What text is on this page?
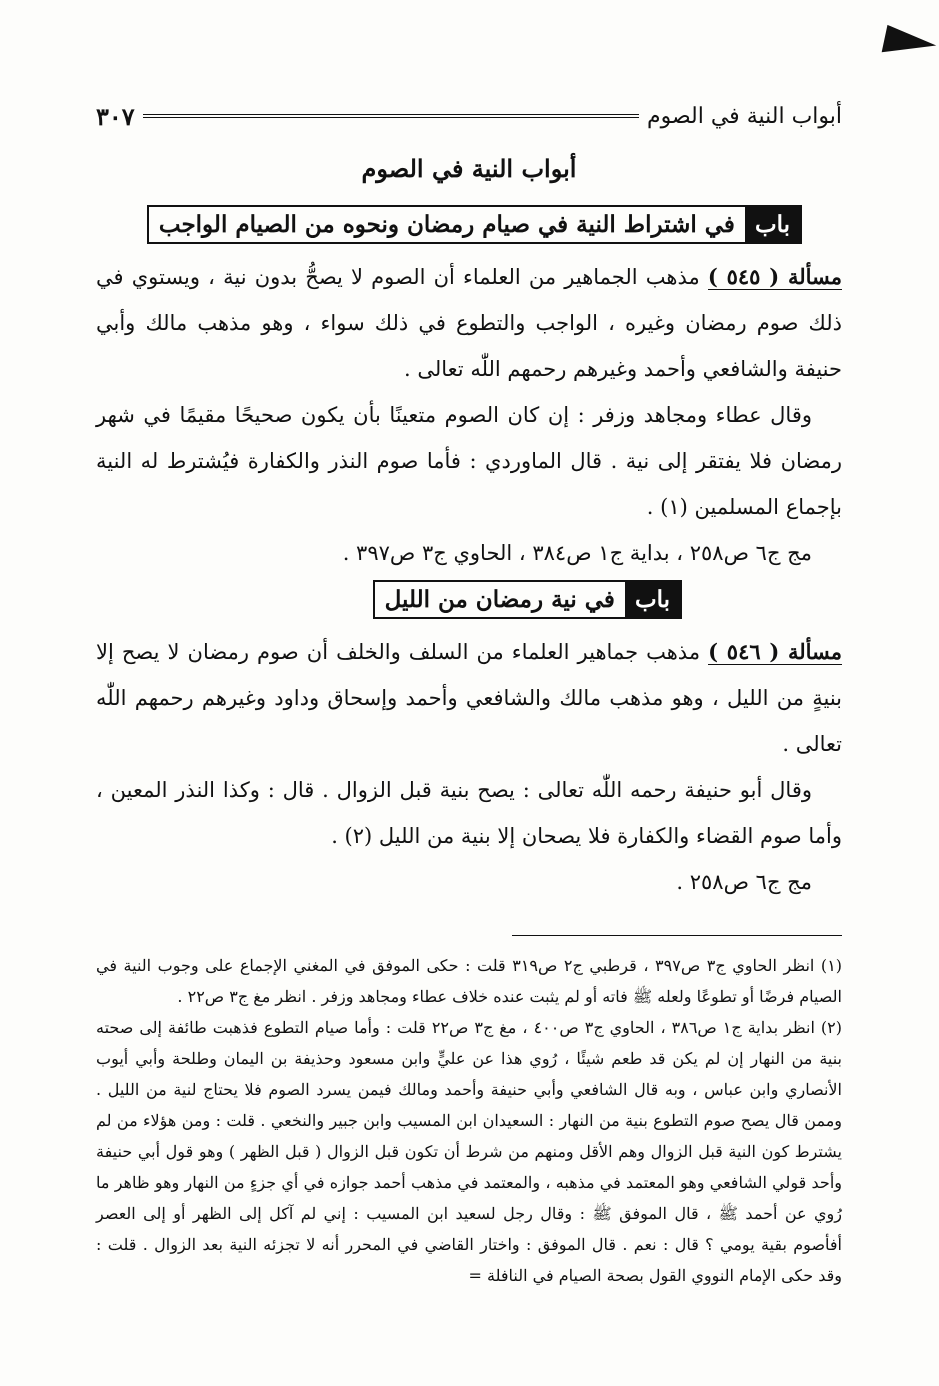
٣٠٧	أبواب النية في الصوم
أبواب النية في الصوم
باب
في اشتراط النية في صيام رمضان ونحوه من الصيام الواجب

مسألة ( ٥٤٥ ) مذهب الجماهير من العلماء أن الصوم لا يصحُّ بدون نية ، ويستوي في ذلك صوم رمضان وغيره ، الواجب والتطوع في ذلك سواء ، وهو مذهب مالك وأبي حنيفة والشافعي وأحمد وغيرهم رحمهم اللّٰه تعالى .

وقال عطاء ومجاهد وزفر : إن كان الصوم متعينًا بأن يكون صحيحًا مقيمًا في شهر رمضان فلا يفتقر إلى نية . قال الماوردي : فأما صوم النذر والكفارة فيُشترط له النية بإجماع المسلمين (١) .

مج ج٦ ص٢٥٨ ، بداية ج١ ص٣٨٤ ، الحاوي ج٣ ص٣٩٧ .

باب
في نية رمضان من الليل

مسألة ( ٥٤٦ ) مذهب جماهير العلماء من السلف والخلف أن صوم رمضان لا يصح إلا بنيةٍ من الليل ، وهو مذهب مالك والشافعي وأحمد وإسحاق وداود وغيرهم رحمهم اللّٰه تعالى .

وقال أبو حنيفة رحمه اللّٰه تعالى : يصح بنية قبل الزوال . قال : وكذا النذر المعين ، وأما صوم القضاء والكفارة فلا يصحان إلا بنية من الليل (٢) .

مج ج٦ ص٢٥٨ .

(١) انظر الحاوي ج٣ ص٣٩٧ ، قرطبي ج٢ ص٣١٩ قلت : حكى الموفق في المغني الإجماع على وجوب النية في الصيام فرضًا أو تطوعًا ولعله ﷺ فاته أو لم يثبت عنده خلاف عطاء ومجاهد وزفر . انظر مغ ج٣ ص٢٢ .

(٢) انظر بداية ج١ ص٣٨٦ ، الحاوي ج٣ ص٤٠٠ ، مغ ج٣ ص٢٢ قلت : وأما صيام التطوع فذهبت طائفة إلى صحته بنية من النهار إن لم يكن قد طعم شيئًا ، رُوي هذا عن عليٍّ وابن مسعود وحذيفة بن اليمان وطلحة وأبي أيوب الأنصاري وابن عباس ، وبه قال الشافعي وأبي حنيفة وأحمد ومالك فيمن يسرد الصوم فلا يحتاج لنية من الليل . وممن قال يصح صوم التطوع بنية من النهار : السعيدان ابن المسيب وابن جبير والنخعي . قلت : ومن هؤلاء من لم يشترط كون النية قبل الزوال وهم الأقل ومنهم من شرط أن تكون قبل الزوال ( قبل الظهر ) وهو قول أبي حنيفة وأحد قولي الشافعي وهو المعتمد في مذهبه ، والمعتمد في مذهب أحمد جوازه في أي جزءٍ من النهار وهو ظاهر ما رُوي عن أحمد ﷺ ، قال الموفق ﷺ : وقال رجل لسعيد ابن المسيب : إني لم آكل إلى الظهر أو إلى العصر أفأصوم بقية يومي ؟ قال : نعم . قال الموفق : واختار القاضي في المحرر أنه لا تجزئه النية بعد الزوال . قلت : وقد حكى الإمام النووي القول بصحة الصيام في النافلة =
